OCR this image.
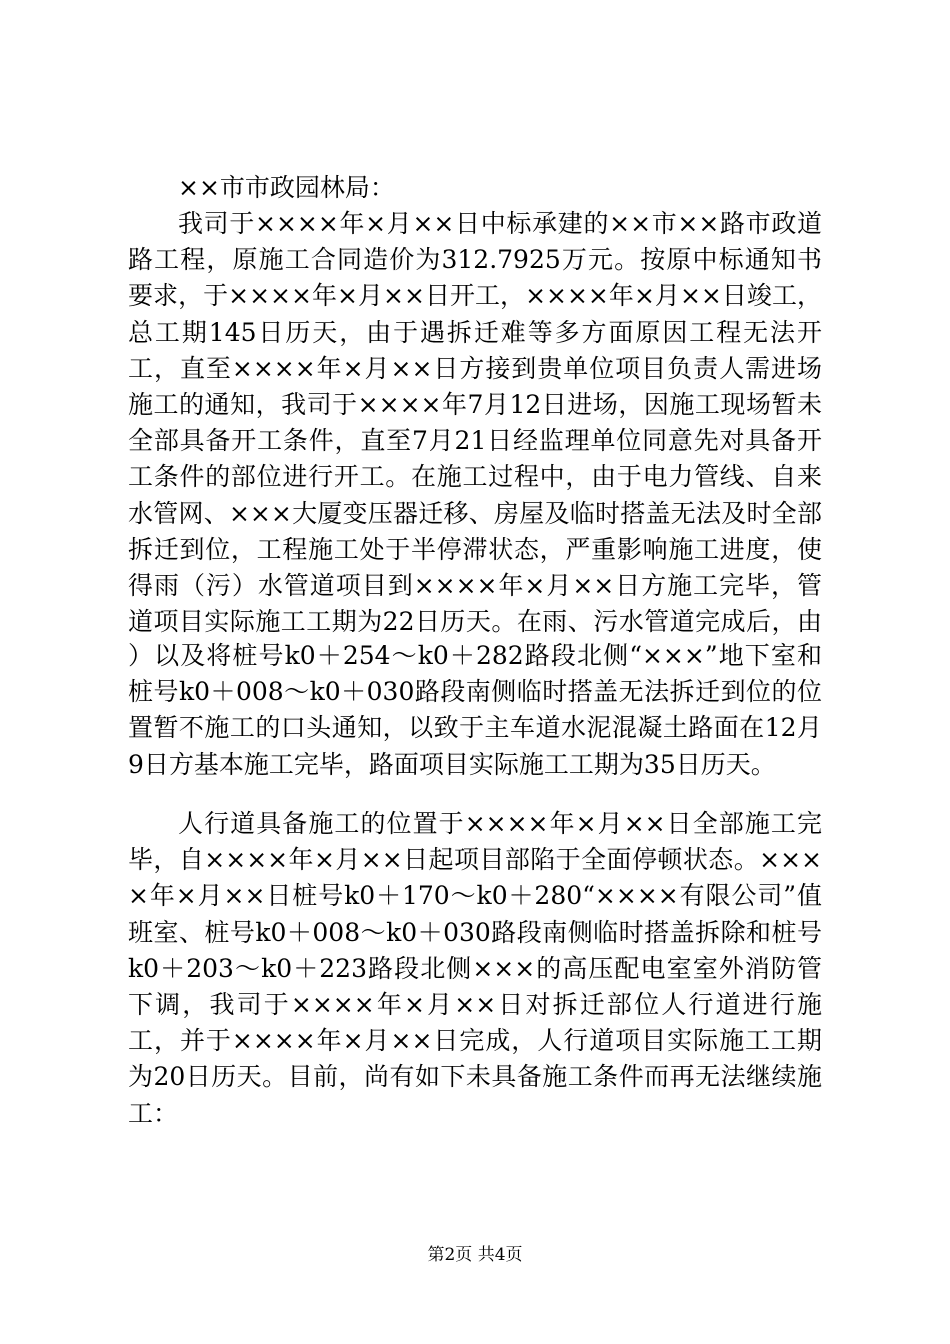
××市市政园林局：
我司于××××年×月××日中标承建的××市××路市政道路工程，原施工合同造价为312.7925万元。按原中标通知书要求，于××××年×月××日开工，××××年×月××日竣工，总工期145日历天，由于遇拆迁难等多方面原因工程无法开工，直至××××年×月××日方接到贵单位项目负责人需进场施工的通知，我司于××××年7月12日进场，因施工现场暂未全部具备开工条件，直至7月21日经监理单位同意先对具备开工条件的部位进行开工。在施工过程中，由于电力管线、自来水管网、×××大厦变压器迁移、房屋及临时搭盖无法及时全部拆迁到位，工程施工处于半停滞状态，严重影响施工进度，使得雨（污）水管道项目到××××年×月××日方施工完毕，管道项目实际施工工期为22日历天。在雨、污水管道完成后，由
）以及将桩号k0＋254～k0＋282路段北侧“×××”地下室和桩号k0＋008～k0＋030路段南侧临时搭盖无法拆迁到位的位置暂不施工的口头通知，以致于主车道水泥混凝土路面在12月9日方基本施工完毕，路面项目实际施工工期为35日历天。
人行道具备施工的位置于××××年×月××日全部施工完毕，自××××年×月××日起项目部陷于全面停顿状态。××××年×月××日桩号k0＋170～k0＋280“××××有限公司”值班室、桩号k0＋008～k0＋030路段南侧临时搭盖拆除和桩号k0＋203～k0＋223路段北侧×××的高压配电室室外消防管下调，我司于××××年×月××日对拆迁部位人行道进行施工，并于××××年×月××日完成，人行道项目实际施工工期为20日历天。目前，尚有如下未具备施工条件而再无法继续施工：
第2页 共4页
